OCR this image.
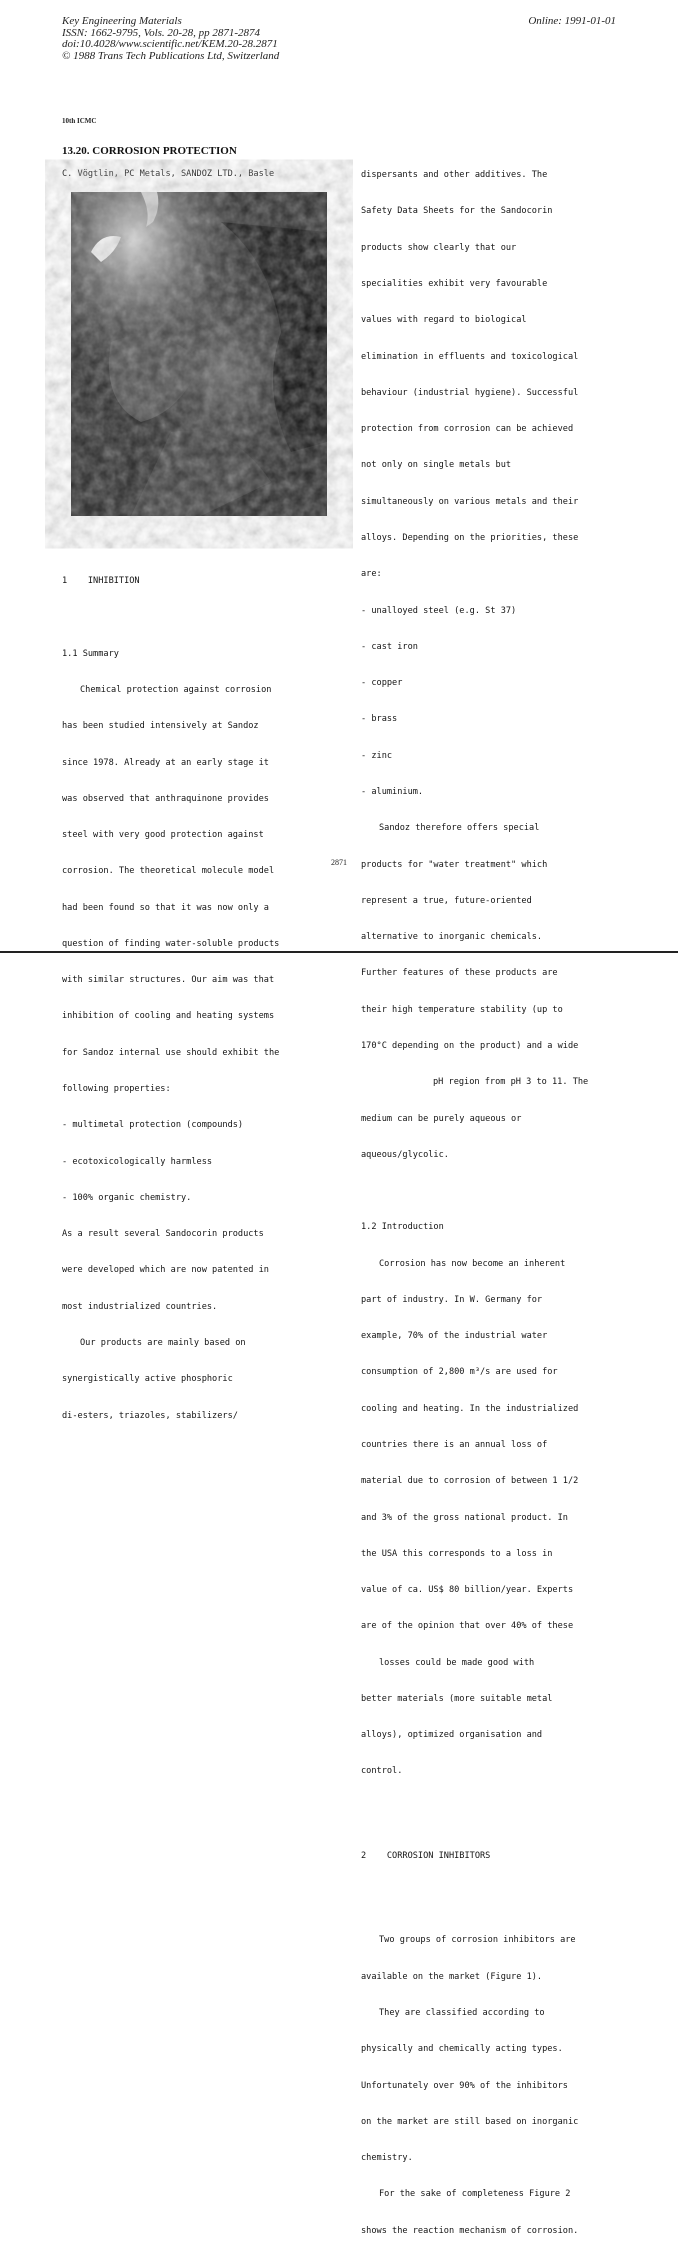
Key Engineering Materials
ISSN: 1662-9795, Vols. 20-28, pp 2871-2874
doi:10.4028/www.scientific.net/KEM.20-28.2871
© 1988 Trans Tech Publications Ltd, Switzerland
Online: 1991-01-01
10th ICMC
13.20. CORROSION PROTECTION
C. Vögtlin, PC Metals, SANDOZ LTD., Basle

1    INHIBITION

1.1 Summary

Chemical protection against corrosion

has been studied intensively at Sandoz

since 1978. Already at an early stage it

was observed that anthraquinone provides

steel with very good protection against

corrosion. The theoretical molecule model

had been found so that it was now only a

question of finding water-soluble products

with similar structures. Our aim was that

inhibition of cooling and heating systems

for Sandoz internal use should exhibit the

following properties:

- multimetal protection (compounds)

- ecotoxicologically harmless

- 100% organic chemistry.

As a result several Sandocorin products

were developed which are now patented in

most industrialized countries.

Our products are mainly based on

synergistically active phosphoric

di-esters, triazoles, stabilizers/

dispersants and other additives. The

Safety Data Sheets for the Sandocorin

products show clearly that our

specialities exhibit very favourable

values with regard to biological

elimination in effluents and toxicological

behaviour (industrial hygiene). Successful

protection from corrosion can be achieved

not only on single metals but

simultaneously on various metals and their

alloys. Depending on the priorities, these

are:

- unalloyed steel (e.g. St 37)

- cast iron

- copper

- brass

- zinc

- aluminium.

Sandoz therefore offers special

products for "water treatment" which

represent a true, future-oriented

alternative to inorganic chemicals.

Further features of these products are

their high temperature stability (up to

170°C depending on the product) and a wide

pH region from pH 3 to 11. The

medium can be purely aqueous or

aqueous/glycolic.

1.2 Introduction

Corrosion has now become an inherent

part of industry. In W. Germany for

example, 70% of the industrial water

consumption of 2,800 m³/s are used for

cooling and heating. In the industrialized

countries there is an annual loss of

material due to corrosion of between 1 1/2

and 3% of the gross national product. In

the USA this corresponds to a loss in

value of ca. US$ 80 billion/year. Experts

are of the opinion that over 40% of these

losses could be made good with

better materials (more suitable metal

alloys), optimized organisation and

control.

2    CORROSION INHIBITORS

Two groups of corrosion inhibitors are

available on the market (Figure 1).

They are classified according to

physically and chemically acting types.

Unfortunately over 90% of the inhibitors

on the market are still based on inorganic

chemistry.

For the sake of completeness Figure 2

shows the reaction mechanism of corrosion.

2871
